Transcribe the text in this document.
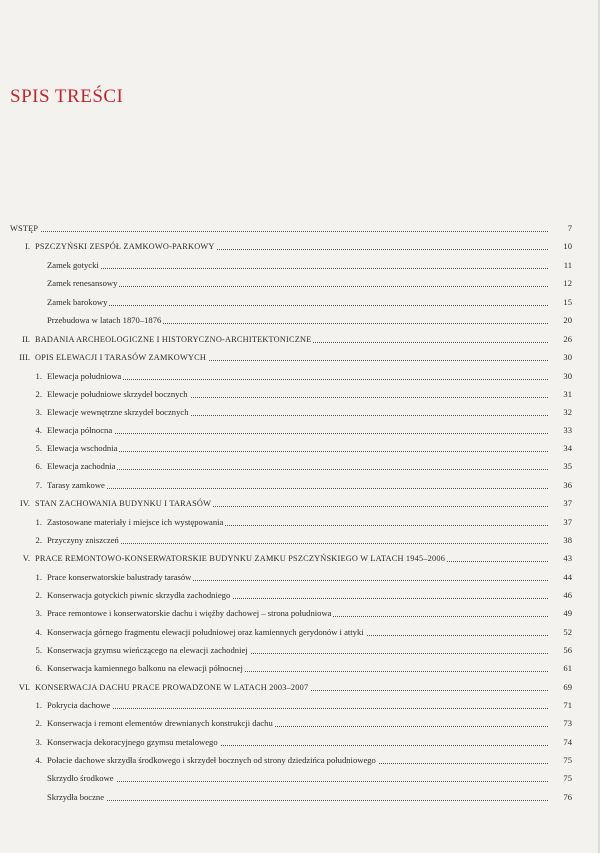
SPIS TREŚCI
WSTĘP	7
I. PSZCZYŃSKI ZESPÓŁ ZAMKOWO-PARKOWY	10
Zamek gotycki	11
Zamek renesansowy	12
Zamek barokowy	15
Przebudowa w latach 1870–1876	20
II. BADANIA ARCHEOLOGICZNE I HISTORYCZNO-ARCHITEKTONICZNE	26
III. OPIS ELEWACJI I TARASÓW ZAMKOWYCH	30
1. Elewacja południowa	30
2. Elewacje południowe skrzydeł bocznych	31
3. Elewacje wewnętrzne skrzydeł bocznych	32
4. Elewacja północna	33
5. Elewacja wschodnia	34
6. Elewacja zachodnia	35
7. Tarasy zamkowe	36
IV. STAN ZACHOWANIA BUDYNKU I TARASÓW	37
1. Zastosowane materiały i miejsce ich występowania	37
2. Przyczyny zniszczeń	38
V. PRACE REMONTOWO-KONSERWATORSKIE BUDYNKU ZAMKU PSZCZYŃSKIEGO W LATACH 1945–2006	43
1. Prace konserwatorskie balustrady tarasów	44
2. Konserwacja gotyckich piwnic skrzydła zachodniego	46
3. Prace remontowe i konserwatorskie dachu i więźby dachowej – strona południowa	49
4. Konserwacja górnego fragmentu elewacji południowej oraz kamiennych gerydonów i attyki	52
5. Konserwacja gzymsu wieńczącego na elewacji zachodniej	56
6. Konserwacja kamiennego balkonu na elewacji północnej	61
VI. KONSERWACJA DACHU PRACE PROWADZONE W LATACH 2003–2007	69
1. Pokrycia dachowe	71
2. Konserwacja i remont elementów drewnianych konstrukcji dachu	73
3. Konserwacja dekoracyjnego gzymsu metalowego	74
4. Połacie dachowe skrzydła środkowego i skrzydeł bocznych od strony dziedzińca południowego	75
Skrzydło środkowe	75
Skrzydła boczne	76
